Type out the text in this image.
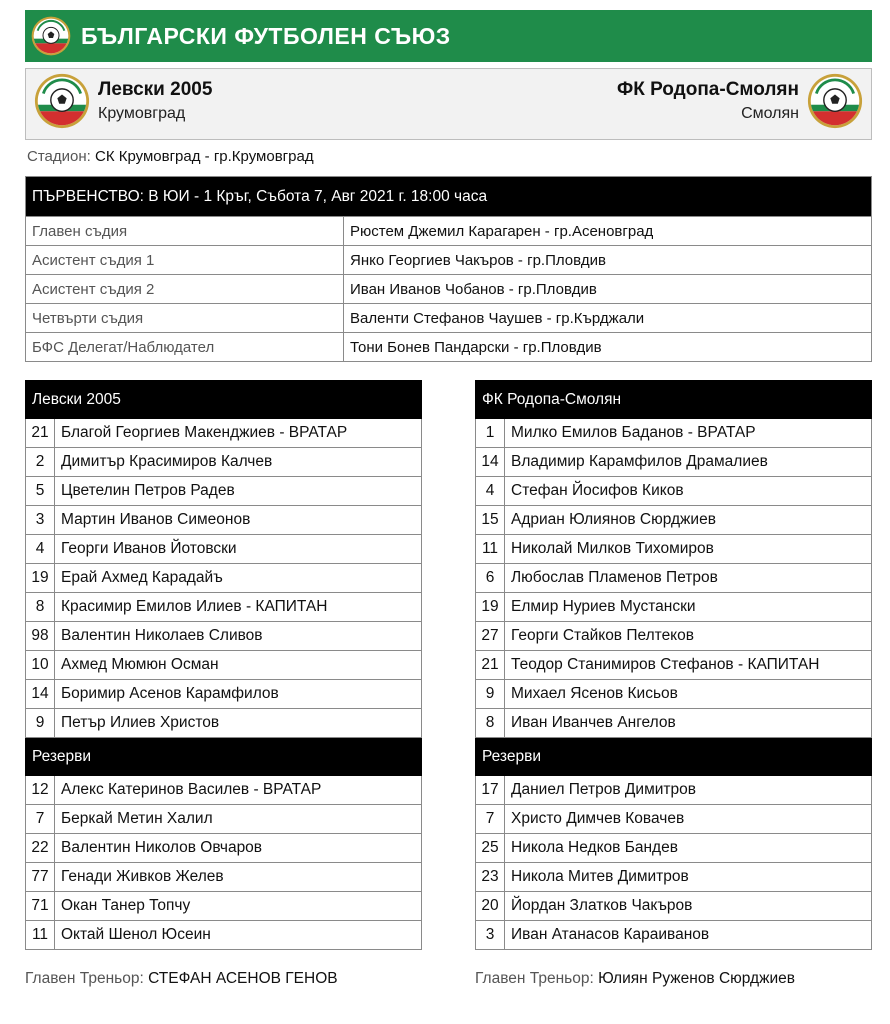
БЪЛГАРСКИ ФУТБОЛЕН СЪЮЗ
Левски 2005
Крумовград
ФК Родопа-Смолян
Смолян
Стадион: СК Крумовград - гр.Крумовград
ПЪРВЕНСТВО: В ЮИ - 1 Кръг, Събота 7, Авг 2021 г. 18:00 часа	
Главен съдия	Рюстем Джемил Карагарен - гр.Асеновград
Асистент съдия 1	Янко Георгиев Чакъров - гр.Пловдив
Асистент съдия 2	Иван Иванов Чобанов - гр.Пловдив
Четвърти съдия	Валенти Стефанов Чаушев - гр.Кърджали
БФС Делегат/Наблюдател	Тони Бонев Пандарски - гр.Пловдив
Левски 2005	
21	Благой Георгиев Макенджиев - ВРАТАР
2	Димитър Красимиров Калчев
5	Цветелин Петров Радев
3	Мартин Иванов Симеонов
4	Георги Иванов Йотовски
19	Ерай Ахмед Карадайъ
8	Красимир Емилов Илиев - КАПИТАН
98	Валентин Николаев Сливов
10	Ахмед Мюмюн Осман
14	Боримир Асенов Карамфилов
9	Петър Илиев Христов
Резерви	
12	Алекс Катеринов Василев - ВРАТАР
7	Беркай Метин Халил
22	Валентин Николов Овчаров
77	Генади Живков Желев
71	Окан Танер Топчу
11	Октай Шенол Юсеин
ФК Родопа-Смолян	
1	Милко Емилов Баданов - ВРАТАР
14	Владимир Карамфилов Драмалиев
4	Стефан Йосифов Киков
15	Адриан Юлиянов Сюрджиев
11	Николай Милков Тихомиров
6	Любослав Пламенов Петров
19	Елмир Нуриев Мустански
27	Георги Стайков Пелтеков
21	Теодор Станимиров Стефанов - КАПИТАН
9	Михаел Ясенов Кисьов
8	Иван Иванчев Ангелов
Резерви	
17	Даниел Петров Димитров
7	Христо Димчев Ковачев
25	Никола Недков Бандев
23	Никола Митев Димитров
20	Йордан Златков Чакъров
3	Иван Атанасов Караиванов
Главен Треньор: СТЕФАН АСЕНОВ ГЕНОВ	Главен Треньор: Юлиян Руженов Сюрджиев
